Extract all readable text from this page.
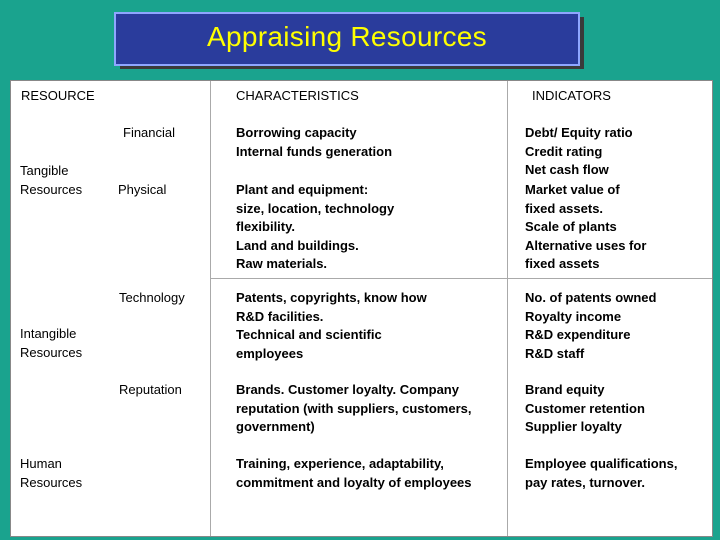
Appraising Resources
RESOURCE	CHARACTERISTICS	INDICATORS
Tangible
Resources
Intangible
Resources
Human
Resources
Financial
Physical
Technology
Reputation
Borrowing capacity
Internal funds generation
Plant and equipment:
size, location, technology
flexibility.
Land and buildings.
Raw materials.
Patents, copyrights, know how
R&D facilities.
Technical and scientific
employees
Brands. Customer loyalty. Company
reputation (with suppliers, customers,
government)
Training, experience, adaptability,
commitment and loyalty of employees
Debt/ Equity ratio
Credit rating
Net cash flow
Market value of
fixed assets.
Scale of plants
Alternative uses for
fixed assets
No. of patents owned
Royalty income
R&D expenditure
R&D staff
Brand equity
Customer retention
Supplier loyalty
Employee qualifications,
pay rates, turnover.
